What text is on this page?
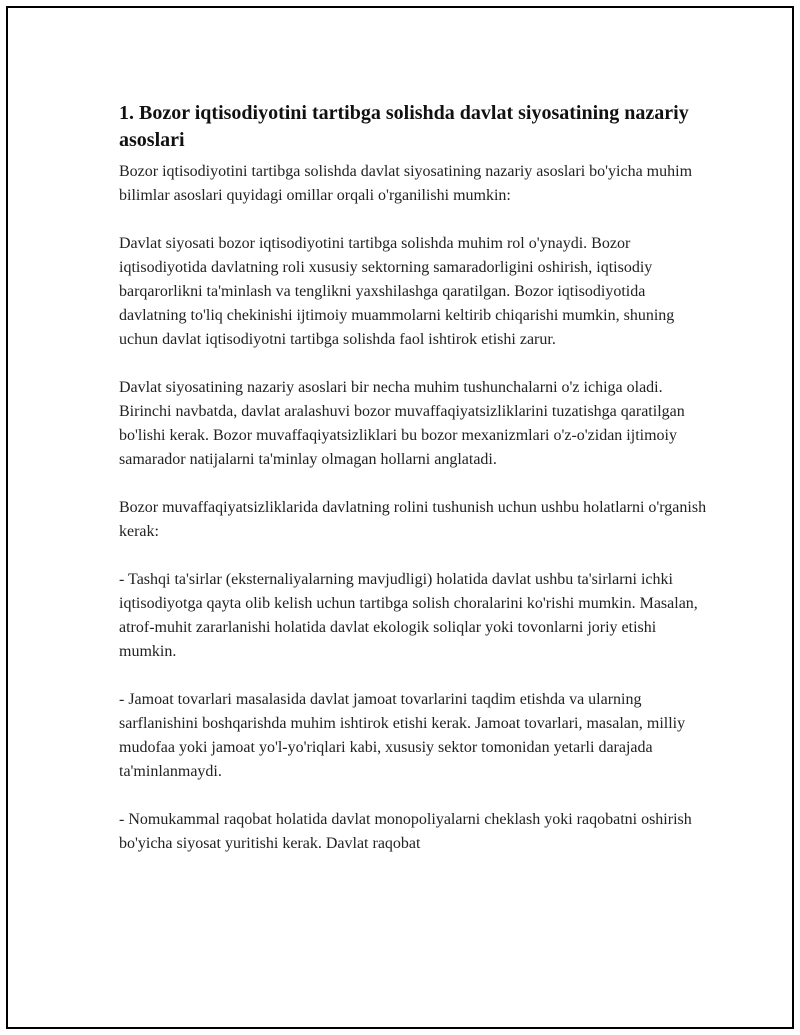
1. Bozor iqtisodiyotini tartibga solishda davlat siyosatining nazariy asoslari

Bozor iqtisodiyotini tartibga solishda davlat siyosatining nazariy asoslari bo'yicha muhim bilimlar asoslari quyidagi omillar orqali o'rganilishi mumkin:

Davlat siyosati bozor iqtisodiyotini tartibga solishda muhim rol o'ynaydi. Bozor iqtisodiyotida davlatning roli xususiy sektorning samaradorligini oshirish, iqtisodiy barqarorlikni ta'minlash va tenglikni yaxshilashga qaratilgan. Bozor iqtisodiyotida davlatning to'liq chekinishi ijtimoiy muammolarni keltirib chiqarishi mumkin, shuning uchun davlat iqtisodiyotni tartibga solishda faol ishtirok etishi zarur.

Davlat siyosatining nazariy asoslari bir necha muhim tushunchalarni o'z ichiga oladi. Birinchi navbatda, davlat aralashuvi bozor muvaffaqiyatsizliklarini tuzatishga qaratilgan bo'lishi kerak. Bozor muvaffaqiyatsizliklari bu bozor mexanizmlari o'z-o'zidan ijtimoiy samarador natijalarni ta'minlay olmagan hollarni anglatadi.

Bozor muvaffaqiyatsizliklarida davlatning rolini tushunish uchun ushbu holatlarni o'rganish kerak:

- Tashqi ta'sirlar (eksternaliyalarning mavjudligi) holatida davlat ushbu ta'sirlarni ichki iqtisodiyotga qayta olib kelish uchun tartibga solish choralarini ko'rishi mumkin. Masalan, atrof-muhit zararlanishi holatida davlat ekologik soliqlar yoki tovonlarni joriy etishi mumkin.

- Jamoat tovarlari masalasida davlat jamoat tovarlarini taqdim etishda va ularning sarflanishini boshqarishda muhim ishtirok etishi kerak. Jamoat tovarlari, masalan, milliy mudofaa yoki jamoat yo'l-yo'riqlari kabi, xususiy sektor tomonidan yetarli darajada ta'minlanmaydi.

- Nomukammal raqobat holatida davlat monopoliyalarni cheklash yoki raqobatni oshirish bo'yicha siyosat yuritishi kerak. Davlat raqobat
